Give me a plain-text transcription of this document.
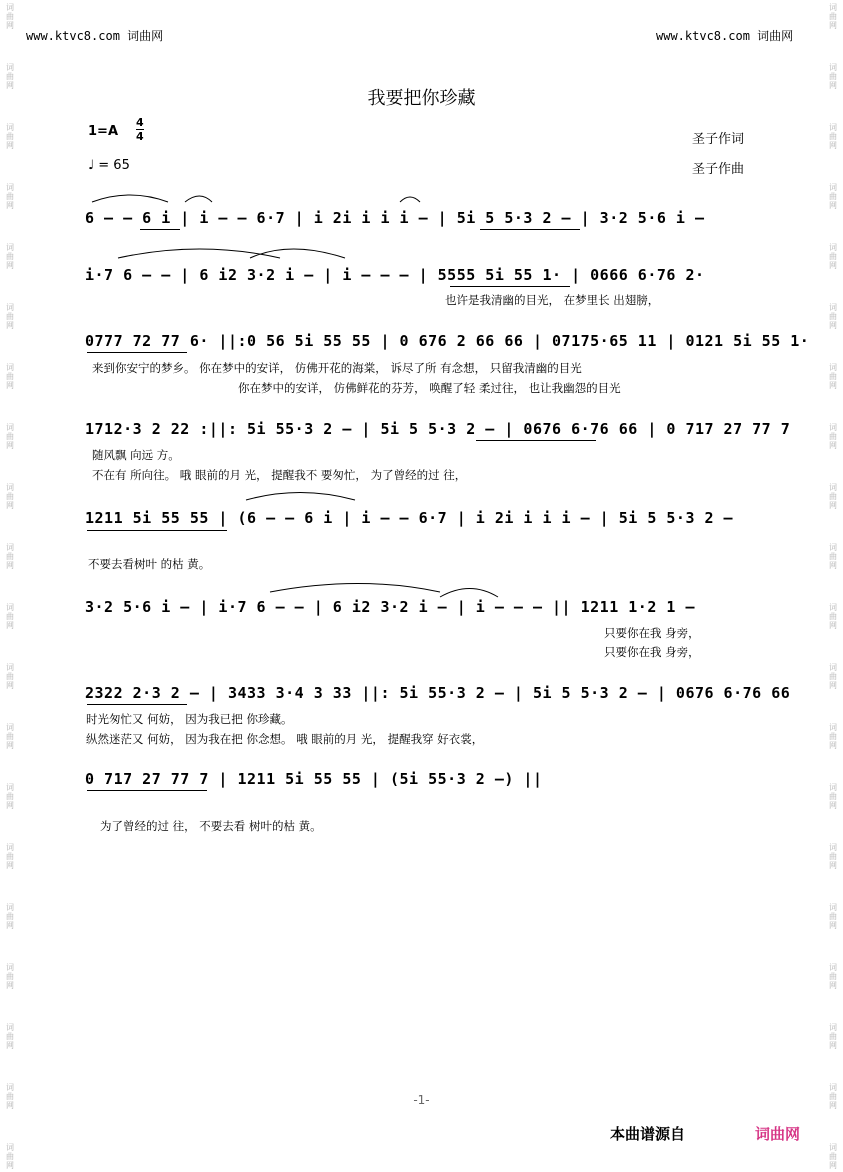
词
曲
网
词
曲
网
词
曲
网
词
曲
网
词
曲
网
词
曲
网
词
曲
网
词
曲
网
词
曲
网
词
曲
网
词
曲
网
词
曲
网
词
曲
网
词
曲
网
词
曲
网
词
曲
网
词
曲
网
词
曲
网
词
曲
网
词
曲
网
词
曲
网
词
曲
网
词
曲
网
词
曲
网
词
曲
网
词
曲
网
词
曲
网
词
曲
网
词
曲
网
词
曲
网
词
曲
网
词
曲
网
词
曲
网
词
曲
网
词
曲
网
词
曲
网
词
曲
网
词
曲
网
词
曲
网
词
曲
网
www.ktvc8.com 词曲网	www.ktvc8.com 词曲网
我要把你珍藏
1=A
4
4
♩ = 65
圣子作词
圣子作曲
6 – – 6 i | i – – 6·7 | i 2i i i i – | 5i 5 5·3 2 – | 3·2 5·6 i –
i·7 6 – – | 6 i2 3·2 i – | i – – – | 5555 5i 55 1· | 0666 6·76 2·
也许是我清幽的目光， 在梦里长 出翅膀，
0777 72 77 6· ||:0 56 5i 55 55 | 0 676 2 66 66 | 07175·65 11 | 0121 5i 55 1·
来到你安宁的梦乡。 你在梦中的安详， 仿佛开花的海棠， 诉尽了所 有念想， 只留我清幽的目光
你在梦中的安详， 仿佛鲜花的芬芳， 唤醒了轻 柔过往， 也让我幽怨的目光
1712·3 2 22 :||: 5i 55·3 2 – | 5i 5 5·3 2 – | 0676 6·76 66 | 0 717 27 77 7
随风飘 向远 方。
不在有 所向往。 哦 眼前的月 光， 提醒我不 要匆忙， 为了曾经的过 往，
1211 5i 55 55 | (6 – – 6 i | i – – 6·7 | i 2i i i i – | 5i 5 5·3 2 –
不要去看树叶 的枯 黄。
3·2 5·6 i – | i·7 6 – – | 6 i2 3·2 i – | i – – – || 1211 1·2 1 –
只要你在我 身旁，
只要你在我 身旁，
2322 2·3 2 – | 3433 3·4 3 33 ||: 5i 55·3 2 – | 5i 5 5·3 2 – | 0676 6·76 66
时光匆忙又 何妨， 因为我已把 你珍藏。
纵然迷茫又 何妨， 因为我在把 你念想。 哦 眼前的月 光， 提醒我穿 好衣裳，
0 717 27 77 7 | 1211 5i 55 55 | (5i 55·3 2 –) ||
为了曾经的过 往， 不要去看 树叶的枯 黄。
-1-
本曲谱源自	词曲网
